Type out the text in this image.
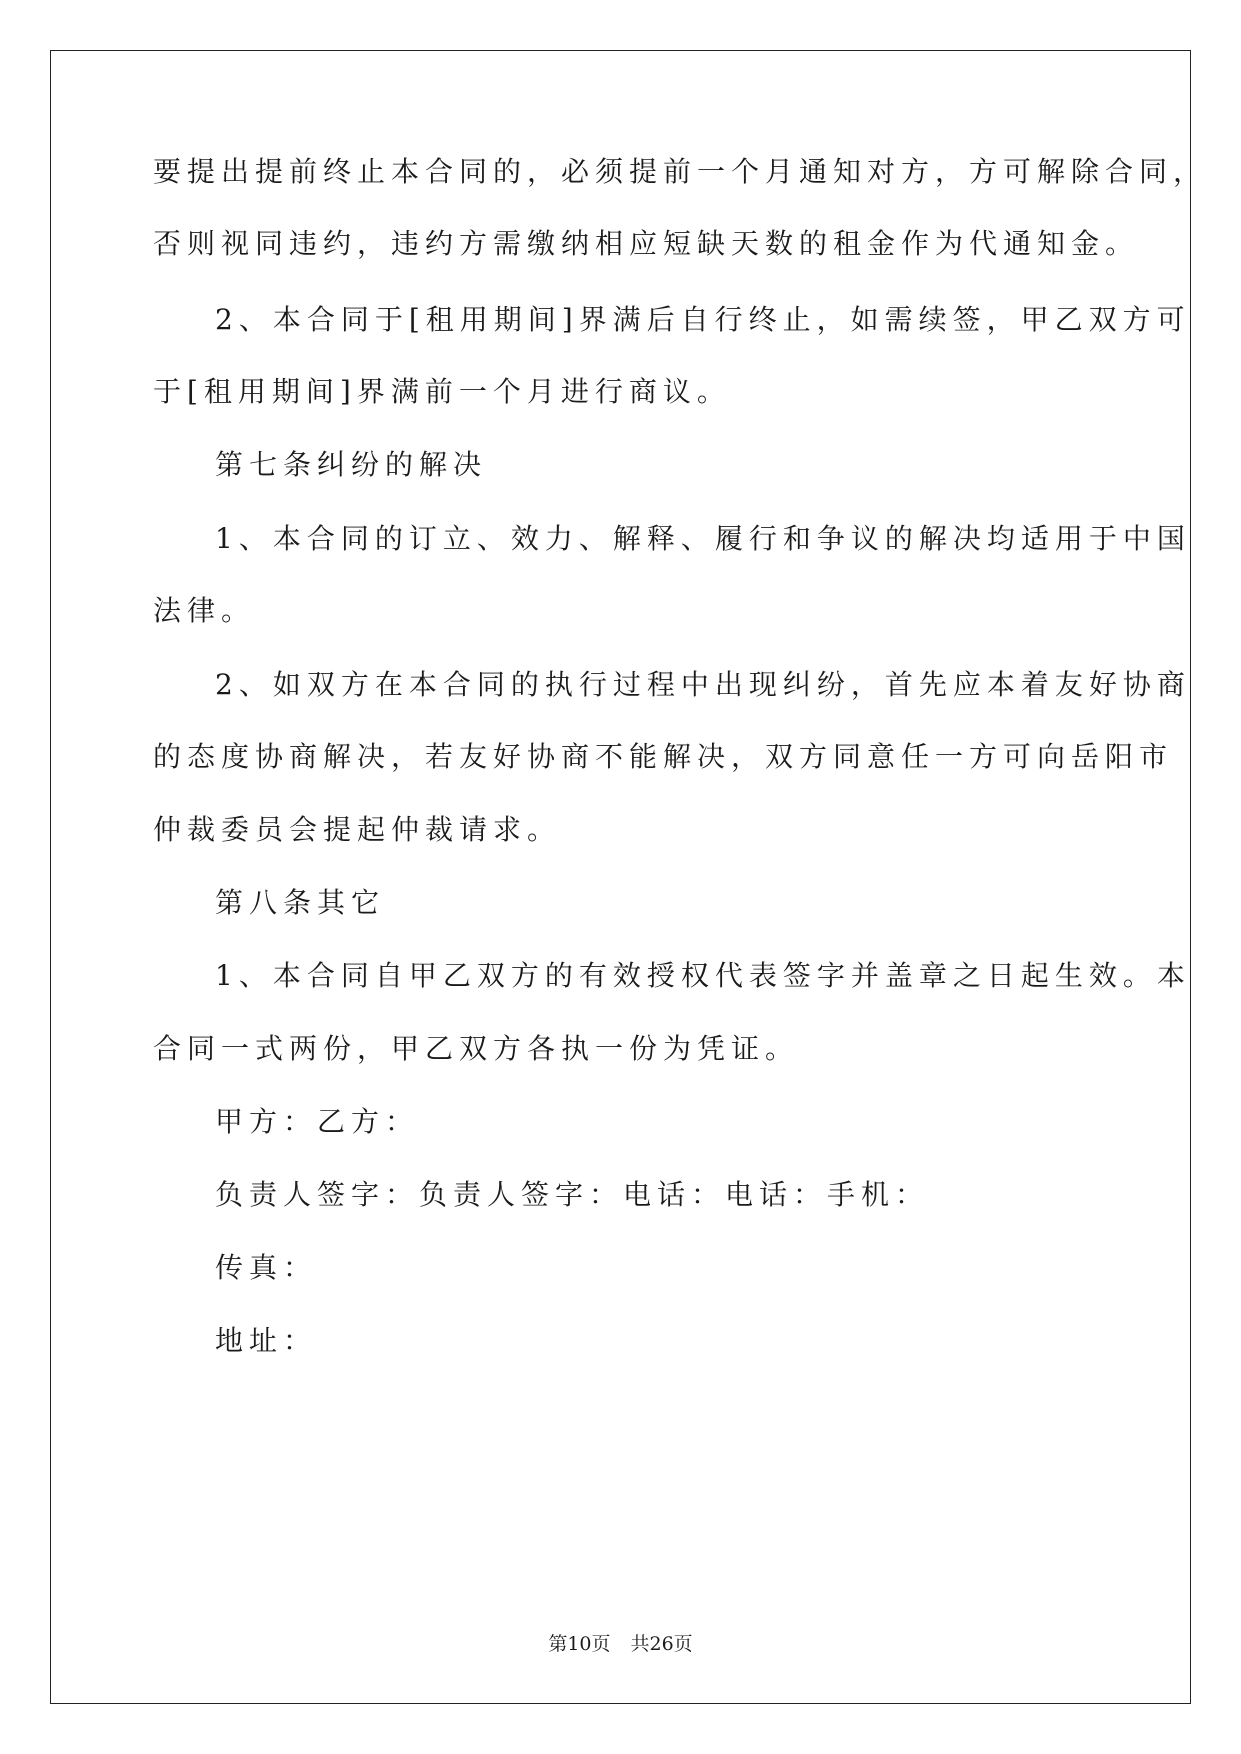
要提出提前终止本合同的，必须提前一个月通知对方，方可解除合同，
否则视同违约，违约方需缴纳相应短缺天数的租金作为代通知金。
2、本合同于[租用期间]界满后自行终止，如需续签，甲乙双方可
于[租用期间]界满前一个月进行商议。
第七条纠纷的解决
1、本合同的订立、效力、解释、履行和争议的解决均适用于中国
法律。
2、如双方在本合同的执行过程中出现纠纷，首先应本着友好协商
的态度协商解决，若友好协商不能解决，双方同意任一方可向岳阳市
仲裁委员会提起仲裁请求。
第八条其它
1、本合同自甲乙双方的有效授权代表签字并盖章之日起生效。本
合同一式两份，甲乙双方各执一份为凭证。
甲方：乙方：
负责人签字：负责人签字：电话：电话：手机：
传真：
地址：
第10页 共26页
